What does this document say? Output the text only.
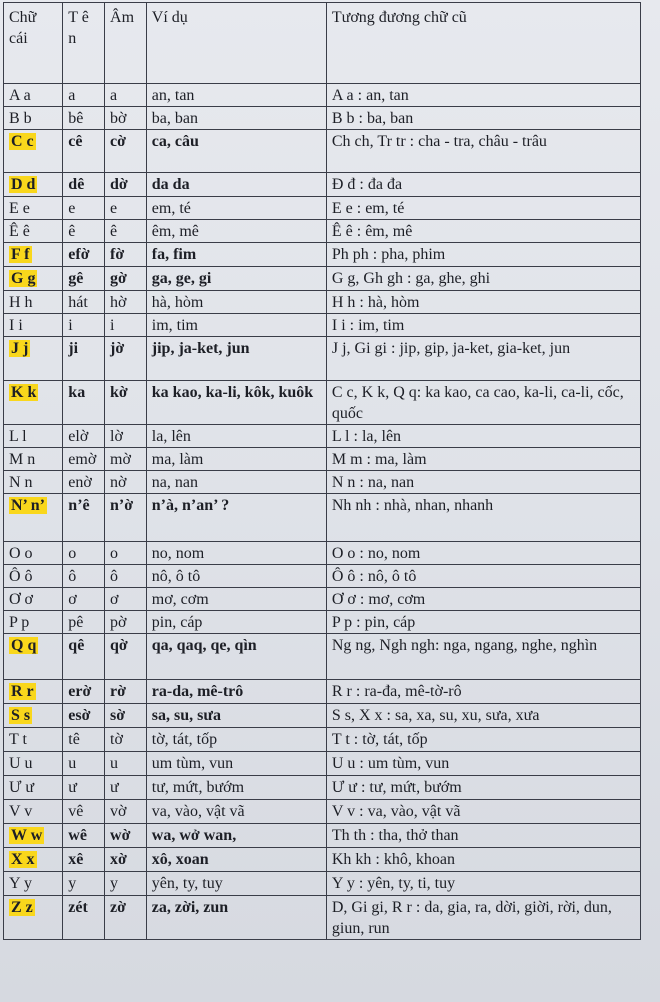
Chữ cái	T ê n	Âm	Ví dụ	Tương đương chữ cũ
A a	a	a	an, tan	A a : an, tan
B b	bê	bờ	ba, ban	B b : ba, ban
C c	cê	cờ	ca, câu	Ch ch, Tr tr : cha - tra, châu - trâu
D d	dê	dờ	da da	Đ đ : đa đa
E e	e	e	em, té	E e : em, té
Ê ê	ê	ê	êm, mê	Ê ê : êm, mê
F f	efờ	fờ	fa, fim	Ph ph : pha, phim
G g	gê	gờ	ga, ge, gi	G g, Gh gh : ga, ghe, ghi
H h	hát	hờ	hà, hòm	H h : hà, hòm
I i	i	i	im, tim	I i : im, tim
J j	ji	jờ	jip, ja-ket, jun	J j, Gi gi : jip, gip, ja-ket, gia-ket, jun
K k	ka	kờ	ka kao, ka-li, kôk, kuôk	C c, K k, Q q: ka kao, ca cao, ka-li, ca-li, cốc, quốc
L l	elờ	lờ	la, lên	L l : la, lên
M n	emờ	mờ	ma, làm	M m : ma, làm
N n	enờ	nờ	na, nan	N n : na, nan
N’ n’	n’ê	n’ờ	n’à, n’an’ ?	Nh nh : nhà, nhan, nhanh
O o	o	o	no, nom	O o : no, nom
Ô ô	ô	ô	nô, ô tô	Ô ô : nô, ô tô
Ơ ơ	ơ	ơ	mơ, cơm	Ơ ơ : mơ, cơm
P p	pê	pờ	pin, cáp	P p : pin, cáp
Q q	qê	qờ	qa, qaq, qe, qìn	Ng ng, Ngh ngh: nga, ngang, nghe, nghìn
R r	erờ	rờ	ra-da, mê-trô	R r : ra-đa, mê-tờ-rô
S s	esờ	sờ	sa, su, sưa	S s, X x : sa, xa, su, xu, sưa, xưa
T t	tê	tờ	tờ, tát, tốp	T t : tờ, tát, tốp
U u	u	u	um tùm, vun	U u : um tùm, vun
Ư ư	ư	ư	tư, mứt, bướm	Ư ư : tư, mứt, bướm
V v	vê	vờ	va, vào, vật vã	V v : va, vào, vật vã
W w	wê	wờ	wa, wở wan,	Th th : tha, thở than
X x	xê	xờ	xô, xoan	Kh kh : khô, khoan
Y y	y	y	yên, ty, tuy	Y y : yên, ty, ti, tuy
Z z	zét	zờ	za, zời, zun	D, Gi gi, R r : da, gia, ra, dời, giời, rời, dun, giun, run
